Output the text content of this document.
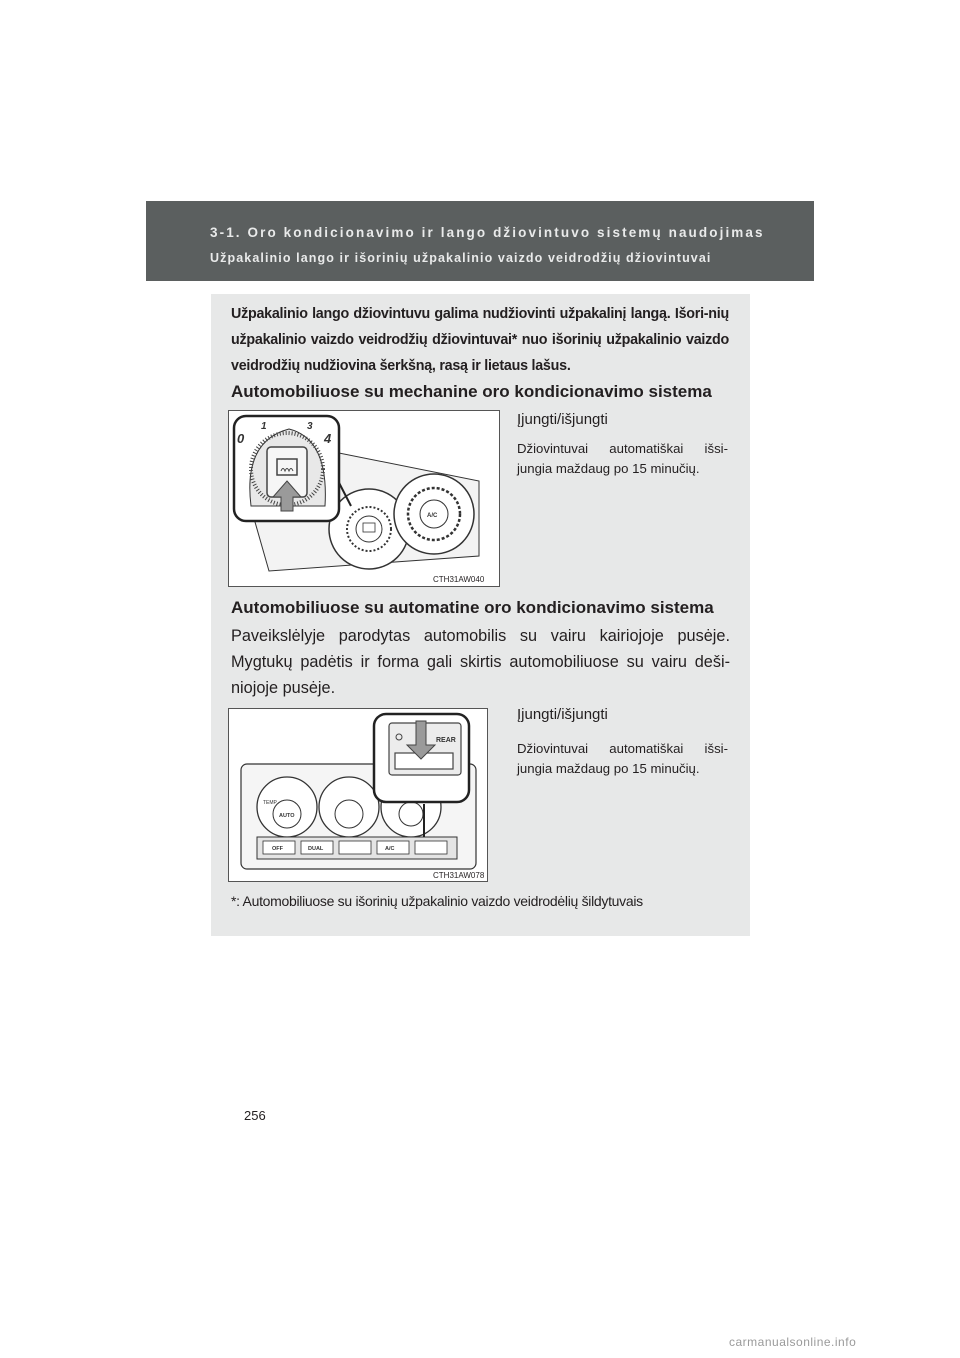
3-1. Oro kondicionavimo ir lango džiovintuvo sistemų naudojimas
Užpakalinio lango ir išorinių užpakalinio vaizdo veidrodžių džiovintuvai
Užpakalinio lango džiovintuvu galima nudžiovinti užpakalinį langą. Išori-nių užpakalinio vaizdo veidrodžių džiovintuvai* nuo išorinių užpakalinio vaizdo veidrodžių nudžiovina šerkšną, rasą ir lietaus lašus.
Automobiliuose su mechanine oro kondicionavimo sistema
A/C
0
1	3
4
CTH31AW040
Įjungti/išjungti
Džiovintuvai automatiškai išsi-jungia maždaug po 15 minučių.
Automobiliuose su automatine oro kondicionavimo sistema
Paveikslėlyje parodytas automobilis su vairu kairiojoje pusėje. Mygtukų padėtis ir forma gali skirtis automobiliuose su vairu deši-niojoje pusėje.
AUTO
TEMP
OFF	DUAL	A/C
REAR
CTH31AW078
Įjungti/išjungti
Džiovintuvai automatiškai išsi-jungia maždaug po 15 minučių.
*: Automobiliuose su išorinių užpakalinio vaizdo veidrodėlių šildytuvais
256
carmanualsonline.info
